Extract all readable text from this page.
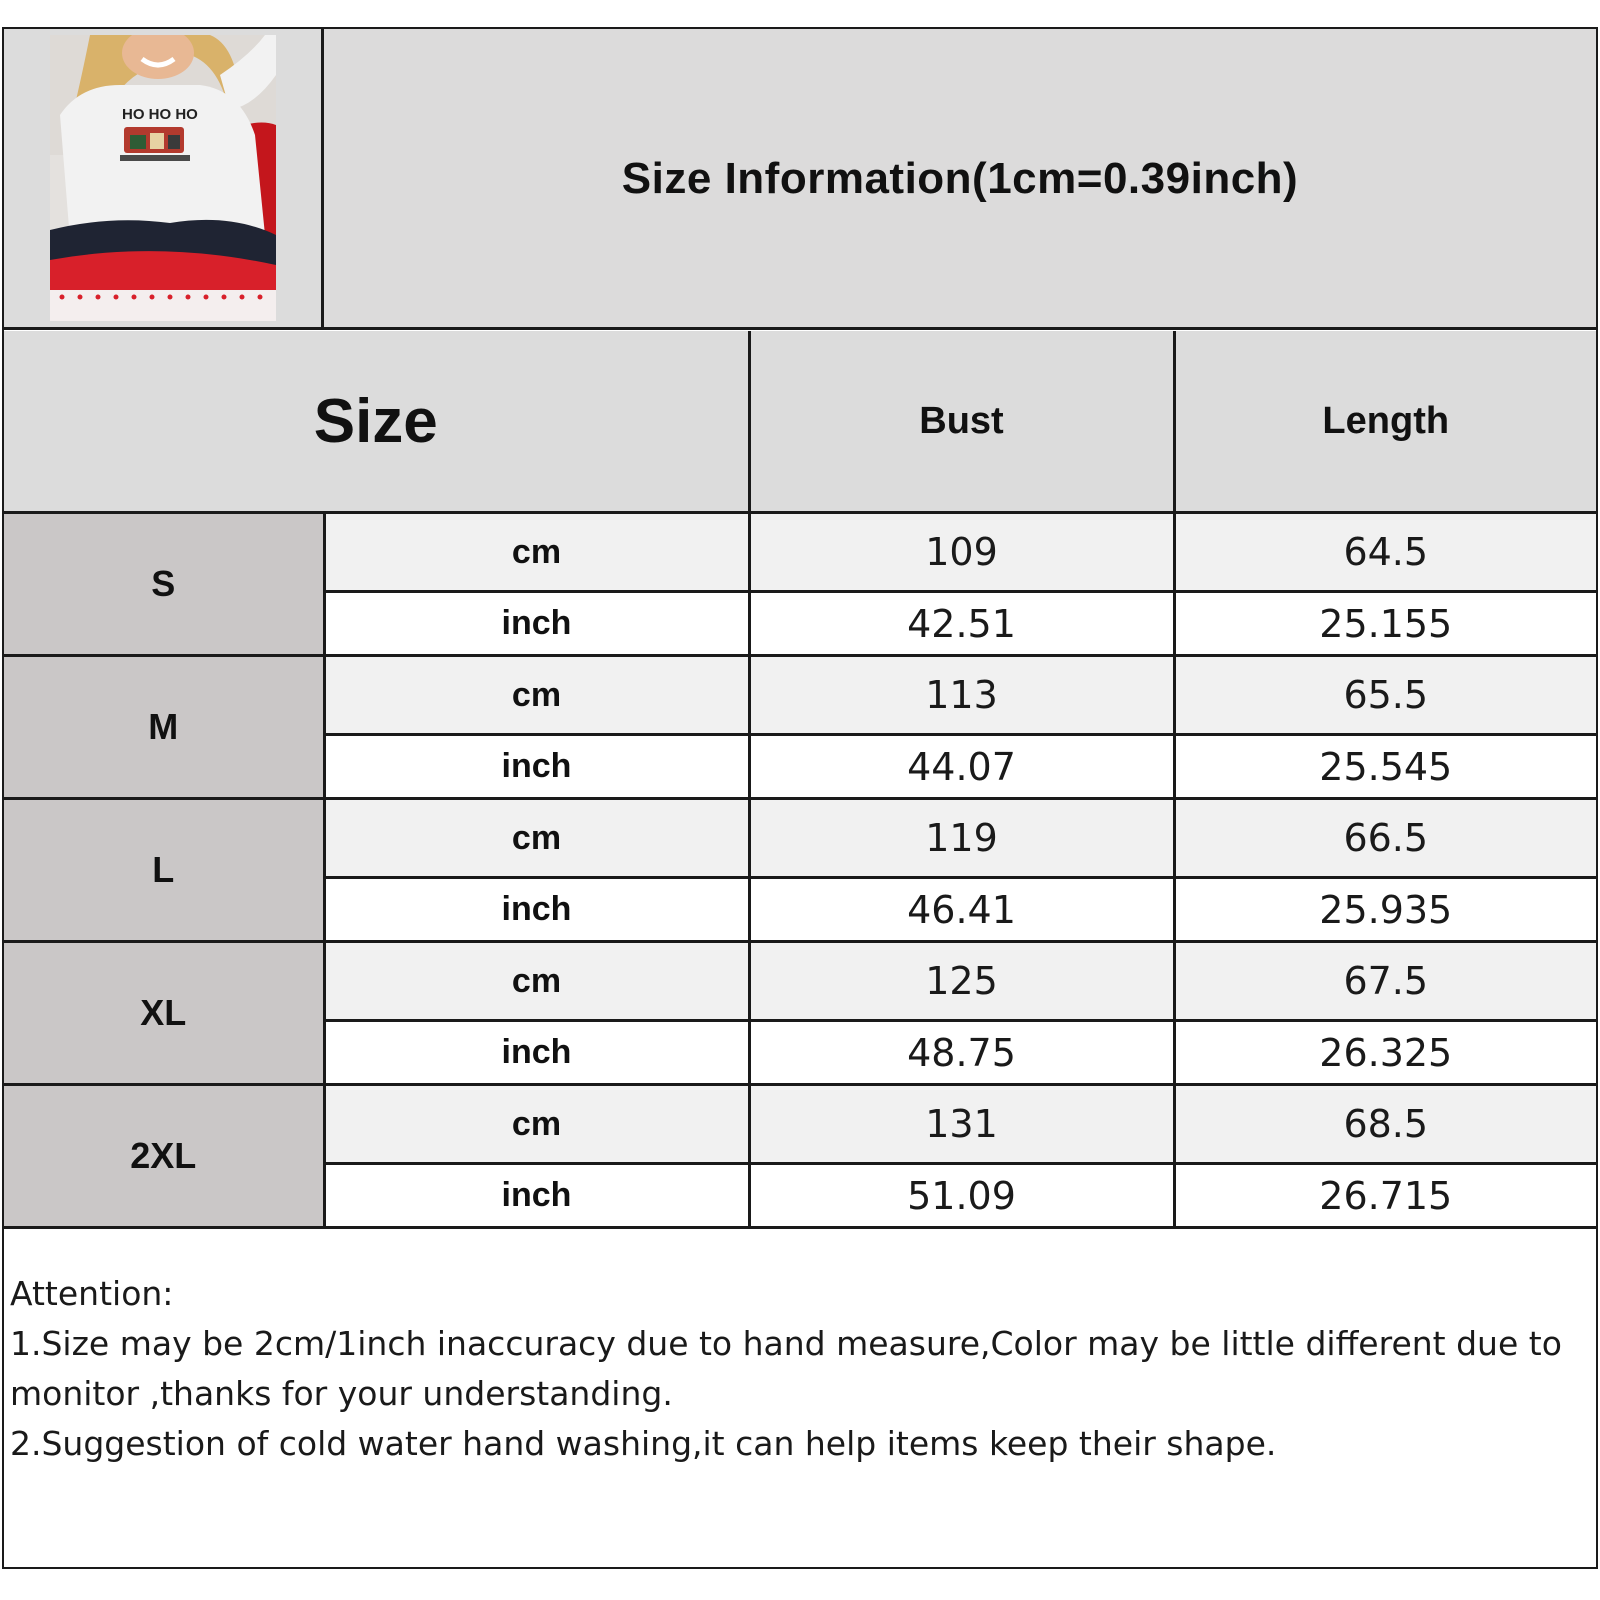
HO HO HO
Size Information(1cm=0.39inch)
Size		Bust	Length
S	cm	109	64.5
	inch	42.51	25.155
M	cm	113	65.5
	inch	44.07	25.545
L	cm	119	66.5
	inch	46.41	25.935
XL	cm	125	67.5
	inch	48.75	26.325
2XL	cm	131	68.5
	inch	51.09	26.715
Attention:
1.Size may be 2cm/1inch inaccuracy due to hand measure,Color may be little different due to monitor ,thanks for your understanding.
2.Suggestion of cold water hand washing,it can help items keep their shape.
